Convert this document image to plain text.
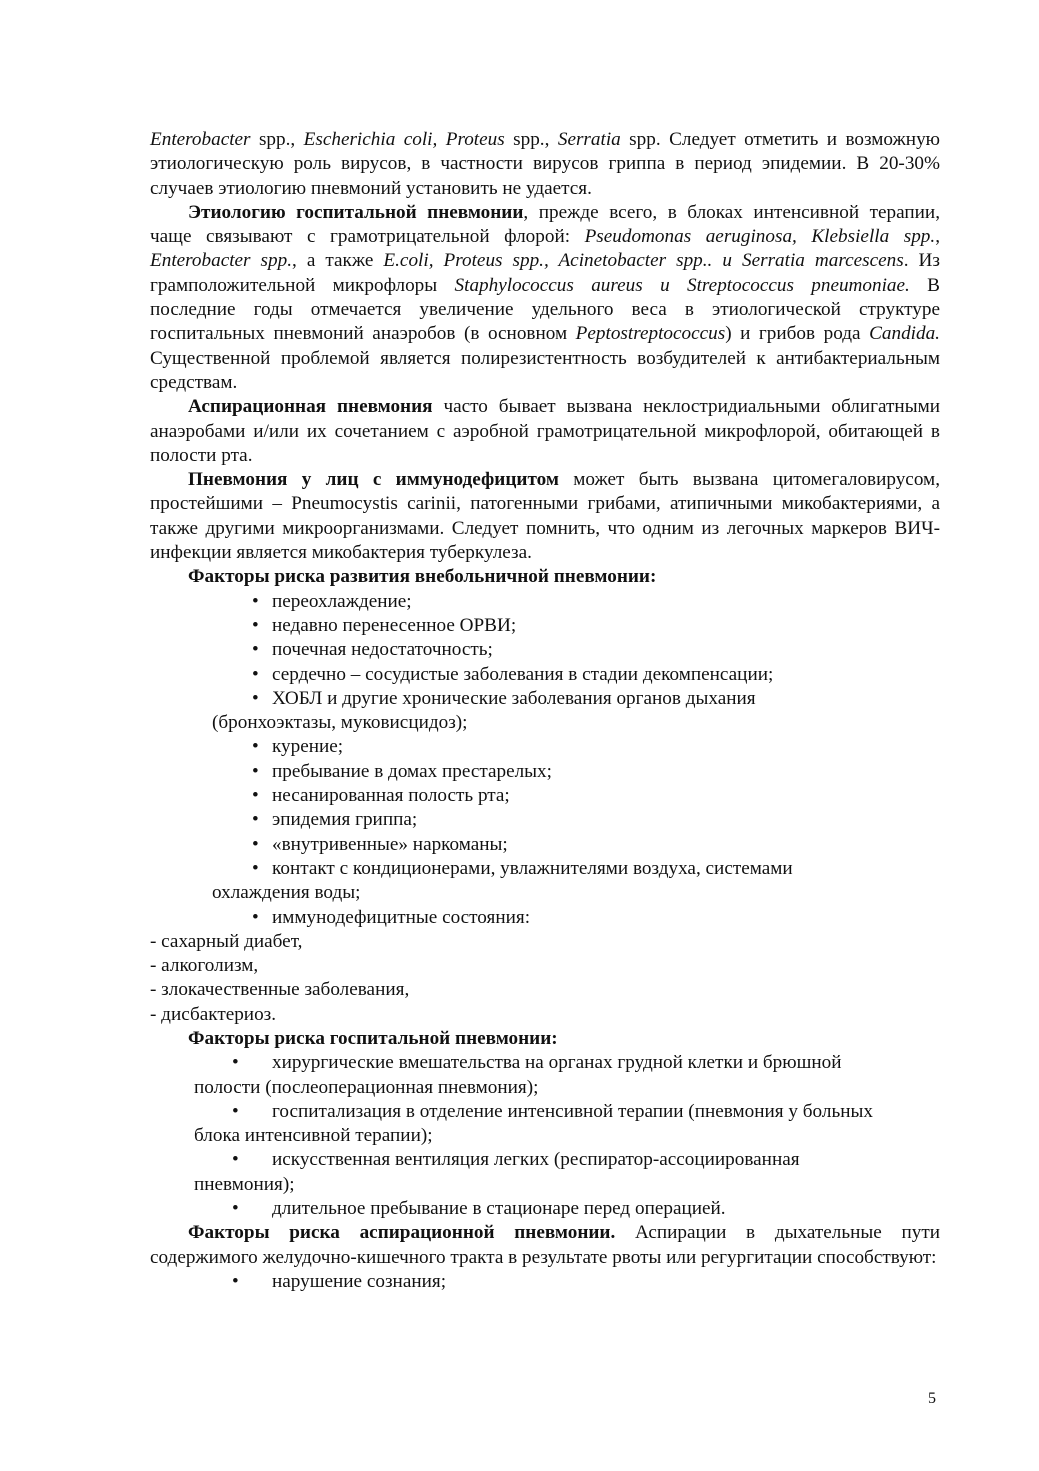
Enterobacter spp., Escherichia coli, Proteus spp., Serratia spp. Следует отметить и возможную этиологическую роль вирусов, в частности вирусов гриппа в период эпидемии. В 20-30% случаев этиологию пневмоний установить не удается.

Этиологию госпитальной пневмонии, прежде всего, в блоках интенсивной терапии, чаще связывают с грамотрицательной флорой: Pseudomonas aeruginosa, Klebsiella spp., Enterobacter spp., а также E.coli, Proteus spp., Acinetobacter spp.. и Serratia marcescens. Из грамположительной микрофлоры Staphylococcus aureus и Streptococcus pneumoniae. В последние годы отмечается увеличение удельного веса в этиологической структуре госпитальных пневмоний анаэробов (в основном Peptostreptococcus) и грибов рода Candida. Существенной проблемой является полирезистентность возбудителей к антибактериальным средствам.

Аспирационная пневмония часто бывает вызвана неклостридиальными облигатными анаэробами и/или их сочетанием с аэробной грамотрицательной микрофлорой, обитающей в полости рта.

Пневмония у лиц с иммунодефицитом может быть вызвана цитомегаловирусом, простейшими – Pneumocystis carinii, патогенными грибами, атипичными микобактериями, а также другими микроорганизмами. Следует помнить, что одним из легочных маркеров ВИЧ-инфекции является микобактерия туберкулеза.

Факторы риска развития внебольничной пневмонии:

• переохлаждение;

• недавно перенесенное ОРВИ;

• почечная недостаточность;

• сердечно – сосудистые заболевания в стадии декомпенсации;

• ХОБЛ и другие хронические заболевания органов дыхания
(бронхоэктазы, муковисцидоз);

• курение;

• пребывание в домах престарелых;

• несанированная полость рта;

• эпидемия гриппа;

• «внутривенные» наркоманы;

• контакт с кондиционерами, увлажнителями воздуха, системами
охлаждения воды;

• иммунодефицитные состояния:

- сахарный диабет,

- алкоголизм,

- злокачественные заболевания,

- дисбактериоз.

Факторы риска госпитальной пневмонии:

• хирургические вмешательства на органах грудной клетки и брюшной
полости (послеоперационная пневмония);

• госпитализация в отделение интенсивной терапии (пневмония у больных
блока интенсивной терапии);

• искусственная вентиляция легких (респиратор-ассоциированная
пневмония);

• длительное пребывание в стационаре перед операцией.

Факторы риска аспирационной пневмонии. Аспирации в дыхательные пути содержимого желудочно-кишечного тракта в результате рвоты или регургитации способствуют:

• нарушение сознания;

5
